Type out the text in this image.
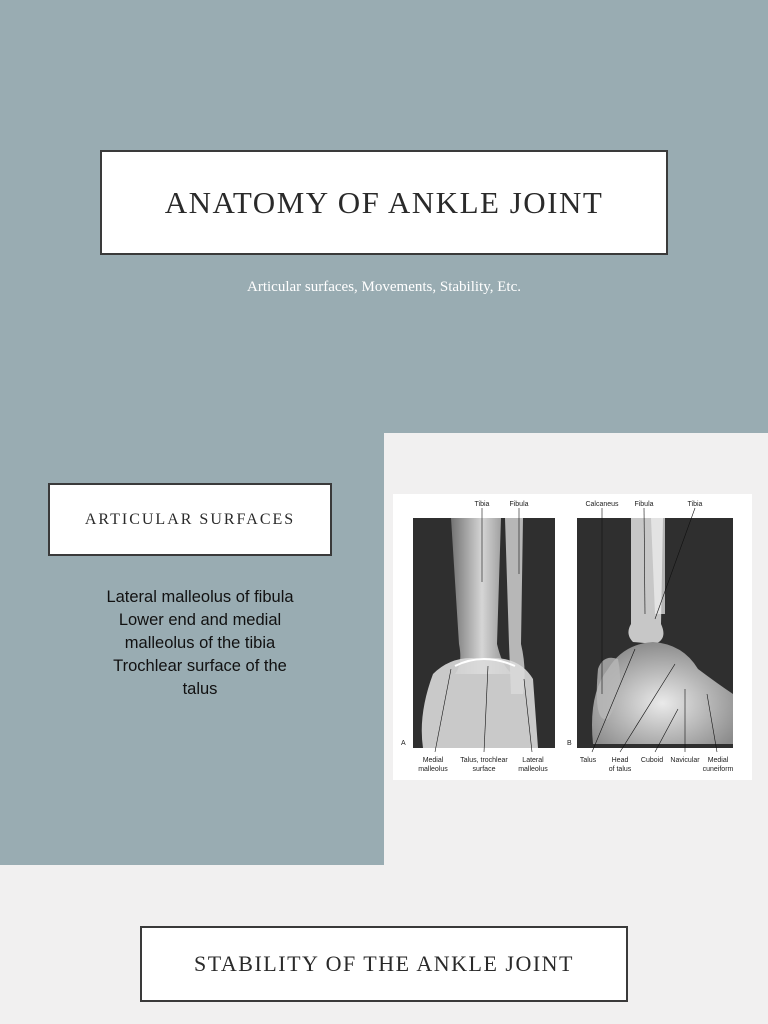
ANATOMY OF ANKLE JOINT
Articular surfaces, Movements, Stability, Etc.
ARTICULAR SURFACES
Lateral malleolus of fibula
Lower end and medial
malleolus of the tibia
Trochlear surface of the
talus
A	B
Tibia	Fibula	Calcaneus Fibula	Tibia
Medial
malleolus
Talus, trochlear
surface
Lateral
malleolus
Talus Head
of talus
Cuboid Navicular Medial
cuneiform
STABILITY OF THE ANKLE JOINT
